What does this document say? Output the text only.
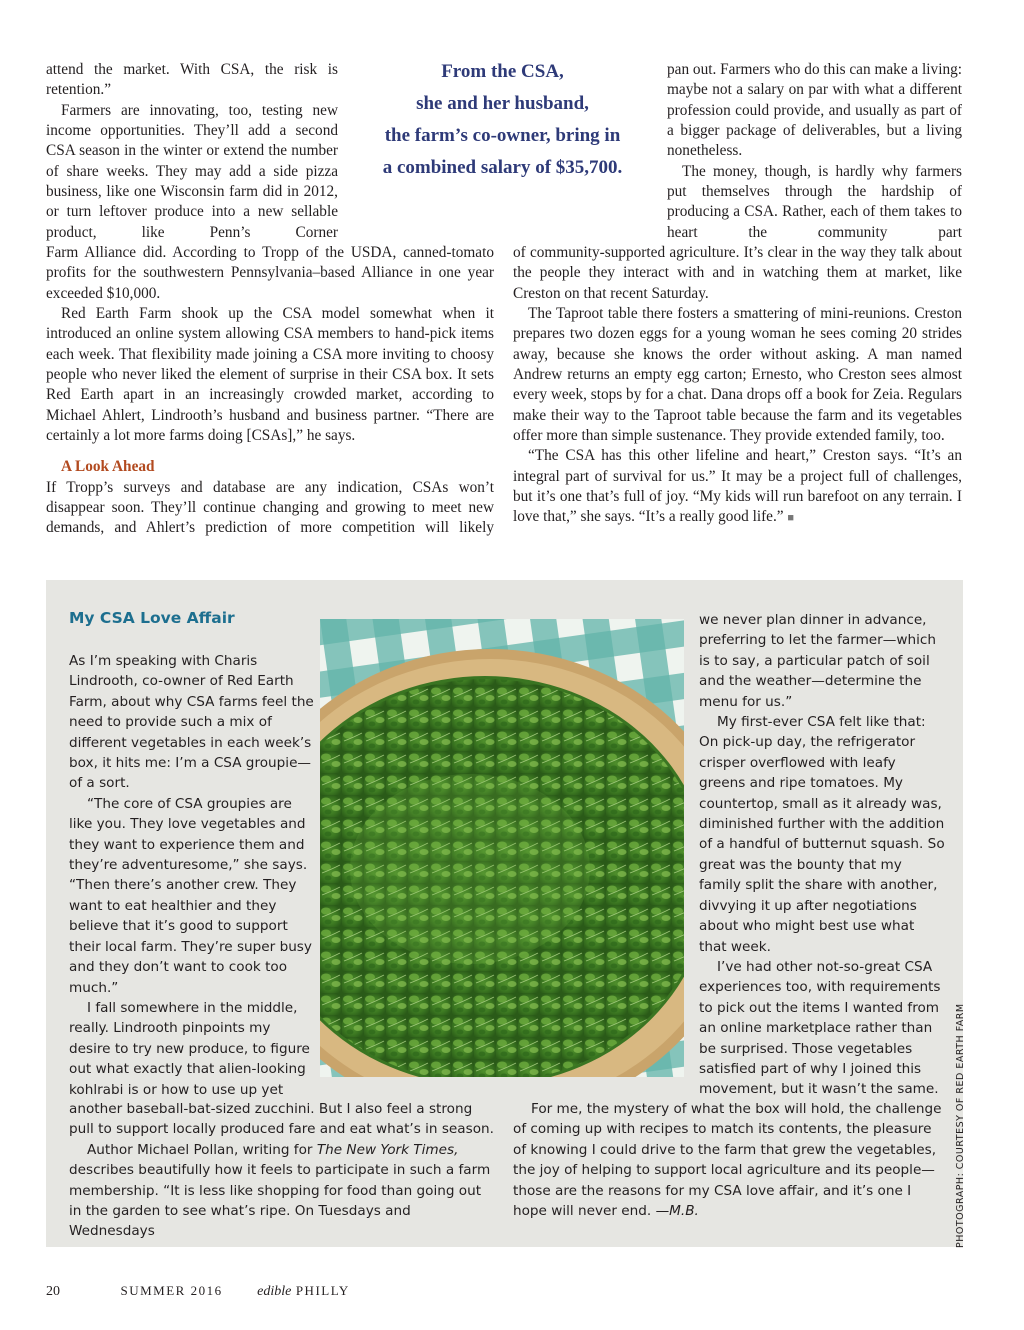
attend the market. With CSA, the risk is retention.”

Farmers are innovating, too, testing new income opportunities. They’ll add a second CSA season in the winter or extend the number of share weeks. They may add a side pizza business, like one Wisconsin farm did in 2012, or turn leftover produce into a new sellable product, like Penn’s Corner

From the CSA,
she and her husband,
the farm’s co-owner, bring in
a combined salary of $35,700.

Farm Alliance did. According to Tropp of the USDA, canned-tomato profits for the southwestern Pennsylvania–based Alliance in one year exceeded $10,000.

Red Earth Farm shook up the CSA model somewhat when it introduced an online system allowing CSA members to hand-pick items each week. That flexibility made joining a CSA more inviting to choosy people who never liked the element of surprise in their CSA box. It sets Red Earth apart in an increasingly crowded market, according to Michael Ahlert, Lindrooth’s husband and business partner. “There are certainly a lot more farms doing [CSAs],” he says.

A Look Ahead

If Tropp’s surveys and database are any indication, CSAs won’t disappear soon. They’ll continue changing and growing to meet new demands, and Ahlert’s prediction of more competition will likely

pan out. Farmers who do this can make a living: maybe not a salary on par with what a different profession could provide, and usually as part of a bigger package of deliverables, but a living nonetheless.

The money, though, is hardly why farmers put themselves through the hardship of producing a CSA. Rather, each of them takes to heart the community part

of community-supported agriculture. It’s clear in the way they talk about the people they interact with and in watching them at market, like Creston on that recent Saturday.

The Taproot table there fosters a smattering of mini-reunions. Creston prepares two dozen eggs for a young woman he sees coming 20 strides away, because she knows the order without asking. A man named Andrew returns an empty egg carton; Ernesto, who Creston sees almost every week, stops by for a chat. Dana drops off a book for Zeia. Regulars make their way to the Taproot table because the farm and its vegetables offer more than simple sustenance. They provide extended family, too.

“The CSA has this other lifeline and heart,” Creston says. “It’s an integral part of survival for us.” It may be a project full of challenges, but it’s one that’s full of joy. “My kids will run barefoot on any terrain. I love that,” she says. “It’s a really good life.” ■

My CSA Love Affair

As I’m speaking with Charis Lindrooth, co-owner of Red Earth Farm, about why CSA farms feel the need to provide such a mix of different vegetables in each week’s box, it hits me: I’m a CSA groupie—of a sort.

“The core of CSA groupies are like you. They love vegetables and they want to experience them and they’re adventuresome,” she says. “Then there’s another crew. They want to eat healthier and they believe that it’s good to support their local farm. They’re super busy and they don’t want to cook too much.”

I fall somewhere in the middle, really. Lindrooth pinpoints my desire to try new produce, to figure out what exactly that alien-looking kohlrabi is or how to use up yet

we never plan dinner in advance, preferring to let the farmer—which is to say, a particular patch of soil and the weather—determine the menu for us.”

My first-ever CSA felt like that: On pick-up day, the refrigerator crisper overflowed with leafy greens and ripe tomatoes. My countertop, small as it already was, diminished further with the addition of a handful of butternut squash. So great was the bounty that my family split the share with another, divvying it up after negotiations about who might best use what that week.

I’ve had other not-so-great CSA experiences too, with requirements to pick out the items I wanted from an online marketplace rather than be surprised. Those vegetables satisfied part of why I joined this movement, but it wasn’t the same.

another baseball-bat-sized zucchini. But I also feel a strong pull to support locally produced fare and eat what’s in season.

Author Michael Pollan, writing for The New York Times, describes beautifully how it feels to participate in such a farm membership. “It is less like shopping for food than going out in the garden to see what’s ripe. On Tuesdays and Wednesdays

For me, the mystery of what the box will hold, the challenge of coming up with recipes to match its contents, the pleasure of knowing I could drive to the farm that grew the vegetables, the joy of helping to support local agriculture and its people—those are the reasons for my CSA love affair, and it’s one I hope will never end. —M.B.	PHOTOGRAPH: COURTESY OF RED EARTH FARM
20	SUMMER 2016 edible PHILLY
